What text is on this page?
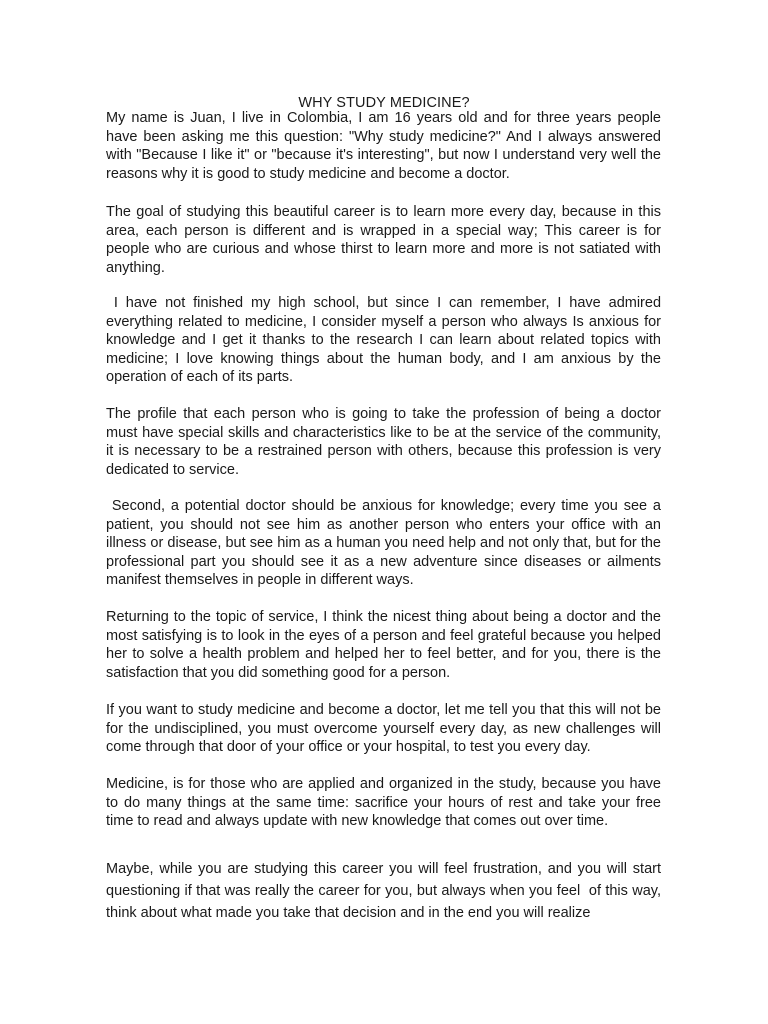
WHY STUDY MEDICINE?

My name is Juan, I live in Colombia, I am 16 years old and for three years people have been asking me this question: "Why study medicine?" And I always answered with "Because I like it" or "because it's interesting", but now I understand very well the reasons why it is good to study medicine and become a doctor.

The goal of studying this beautiful career is to learn more every day, because in this area, each person is different and is wrapped in a special way; This career is for people who are curious and whose thirst to learn more and more is not satiated with anything.

I have not finished my high school, but since I can remember, I have admired everything related to medicine, I consider myself a person who always Is anxious for knowledge and I get it thanks to the research I can learn about related topics with medicine; I love knowing things about the human body, and I am anxious by the operation of each of its parts.

The profile that each person who is going to take the profession of being a doctor must have special skills and characteristics like to be at the service of the community, it is necessary to be a restrained person with others, because this profession is very dedicated to service.

Second, a potential doctor should be anxious for knowledge; every time you see a patient, you should not see him as another person who enters your office with an illness or disease, but see him as a human you need help and not only that, but for the professional part you should see it as a new adventure since diseases or ailments manifest themselves in people in different ways.

Returning to the topic of service, I think the nicest thing about being a doctor and the most satisfying is to look in the eyes of a person and feel grateful because you helped her to solve a health problem and helped her to feel better, and for you, there is the satisfaction that you did something good for a person.

If you want to study medicine and become a doctor, let me tell you that this will not be for the undisciplined, you must overcome yourself every day, as new challenges will come through that door of your office or your hospital, to test you every day.

Medicine, is for those who are applied and organized in the study, because you have to do many things at the same time: sacrifice your hours of rest and take your free time to read and always update with new knowledge that comes out over time.

Maybe, while you are studying this career you will feel frustration, and you will start questioning if that was really the career for you, but always when you feel  of this way, think about what made you take that decision and in the end you will realize
